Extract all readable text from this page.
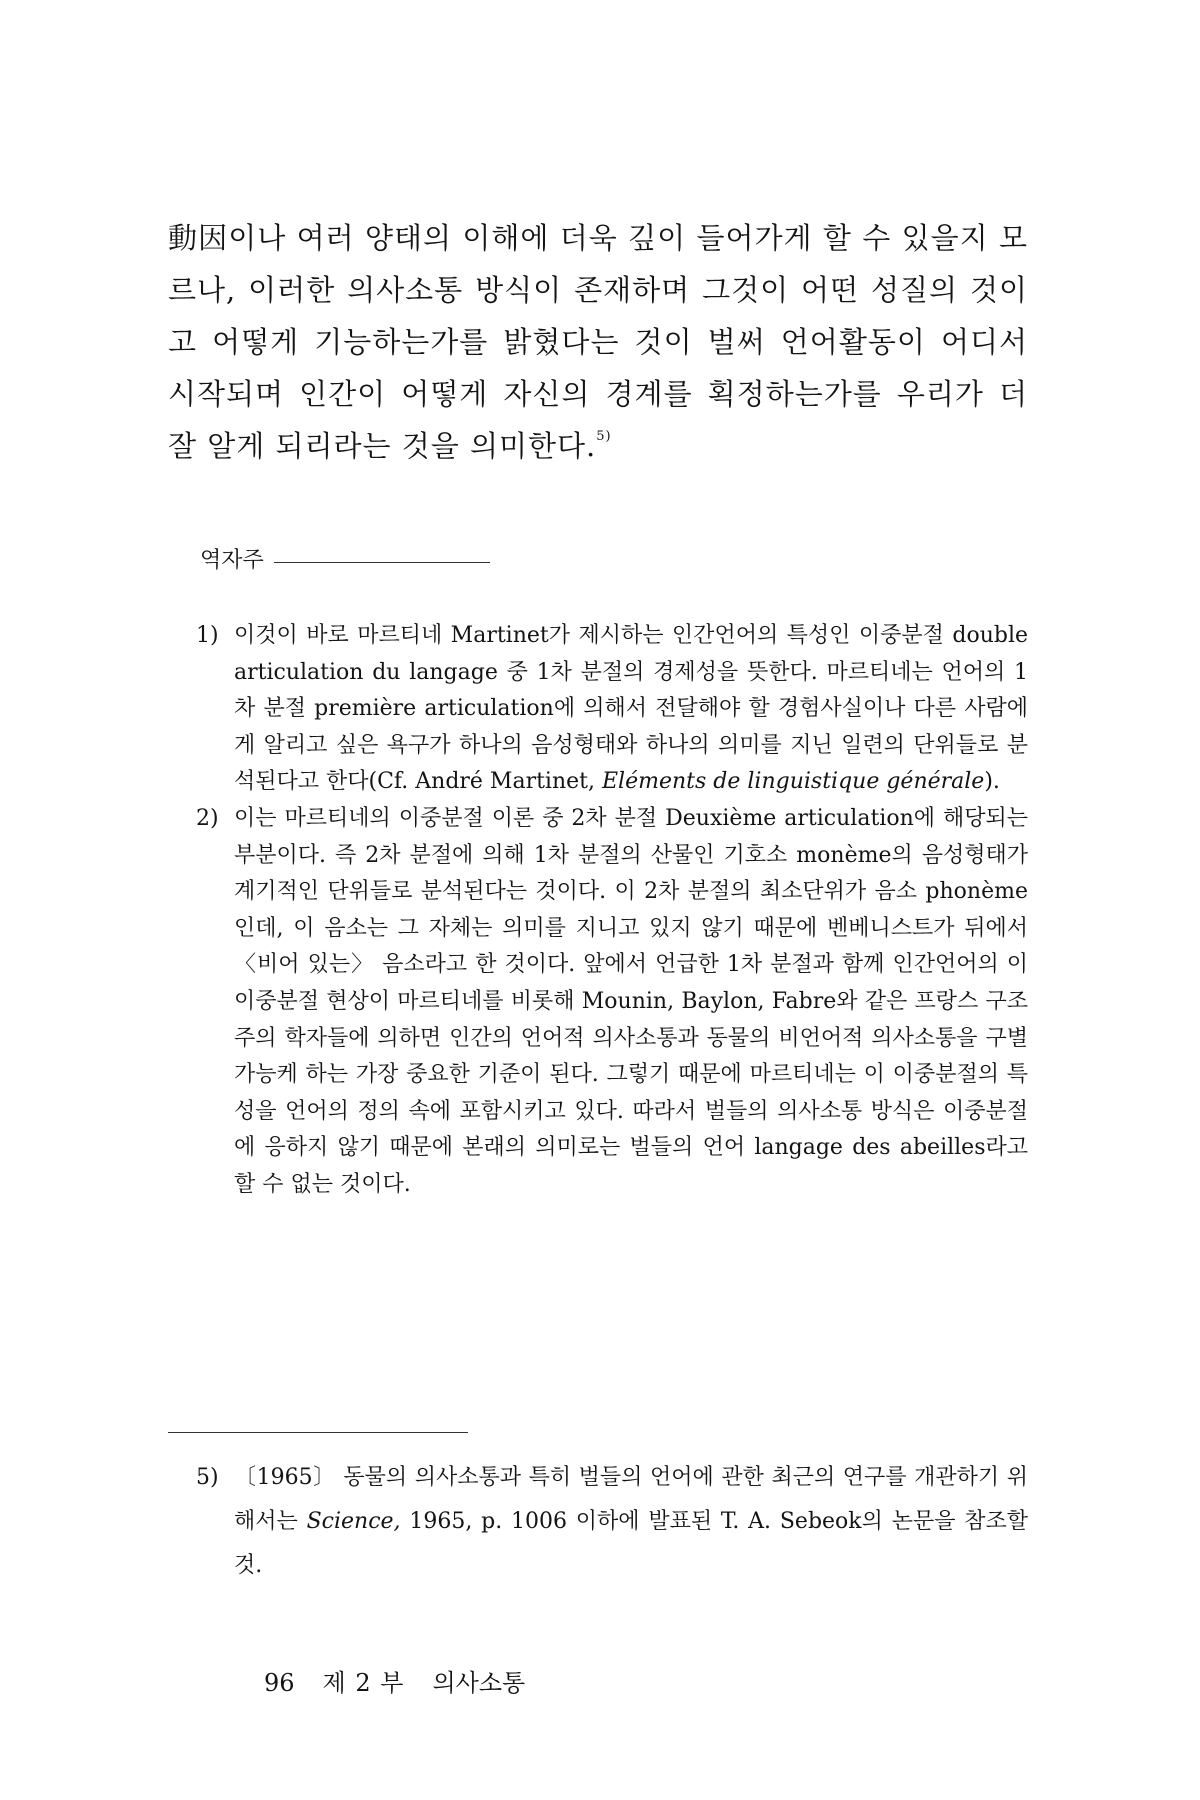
動因이나 여러 양태의 이해에 더욱 깊이 들어가게 할 수 있을지 모르나, 이러한 의사소통 방식이 존재하며 그것이 어떤 성질의 것이고 어떻게 기능하는가를 밝혔다는 것이 벌써 언어활동이 어디서 시작되며 인간이 어떻게 자신의 경계를 획정하는가를 우리가 더 잘 알게 되리라는 것을 의미한다.$^{5)}$

역자주
1) 이것이 바로 마르티네 Martinet가 제시하는 인간언어의 특성인 이중분절 double articulation du langage 중 1차 분절의 경제성을 뜻한다. 마르티네는 언어의 1차 분절 première articulation에 의해서 전달해야 할 경험사실이나 다른 사람에게 알리고 싶은 욕구가 하나의 음성형태와 하나의 의미를 지닌 일련의 단위들로 분석된다고 한다(Cf. André Martinet, Eléments de linguistique générale).
2) 이는 마르티네의 이중분절 이론 중 2차 분절 Deuxième articulation에 해당되는 부분이다. 즉 2차 분절에 의해 1차 분절의 산물인 기호소 monème의 음성형태가 계기적인 단위들로 분석된다는 것이다. 이 2차 분절의 최소단위가 음소 phonème인데, 이 음소는 그 자체는 의미를 지니고 있지 않기 때문에 벤베니스트가 뒤에서 〈비어 있는〉 음소라고 한 것이다. 앞에서 언급한 1차 분절과 함께 인간언어의 이 이중분절 현상이 마르티네를 비롯해 Mounin, Baylon, Fabre와 같은 프랑스 구조주의 학자들에 의하면 인간의 언어적 의사소통과 동물의 비언어적 의사소통을 구별가능케 하는 가장 중요한 기준이 된다. 그렇기 때문에 마르티네는 이 이중분절의 특성을 언어의 정의 속에 포함시키고 있다. 따라서 벌들의 의사소통 방식은 이중분절에 응하지 않기 때문에 본래의 의미로는 벌들의 언어 langage des abeilles라고 할 수 없는 것이다.
5) 〔1965〕 동물의 의사소통과 특히 벌들의 언어에 관한 최근의 연구를 개관하기 위해서는 Science, 1965, p. 1006 이하에 발표된 T. A. Sebeok의 논문을 참조할 것.
96 제 2 부 의사소통
